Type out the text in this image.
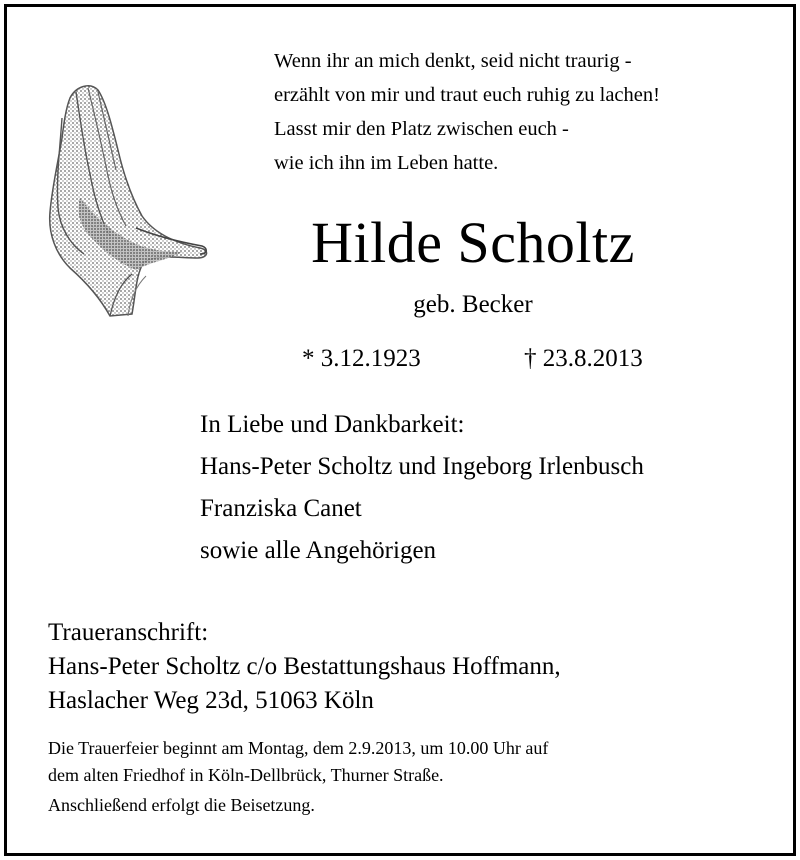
Wenn ihr an mich denkt, seid nicht traurig -
erzählt von mir und traut euch ruhig zu lachen!
Lasst mir den Platz zwischen euch -
wie ich ihn im Leben hatte.
Hilde Scholtz
geb. Becker
* 3.12.1923	† 23.8.2013
In Liebe und Dankbarkeit:
Hans-Peter Scholtz und Ingeborg Irlenbusch
Franziska Canet
sowie alle Angehörigen
Traueranschrift:
Hans-Peter Scholtz c/o Bestattungshaus Hoffmann,
Haslacher Weg 23d, 51063 Köln
Die Trauerfeier beginnt am Montag, dem 2.9.2013, um 10.00 Uhr auf
dem alten Friedhof in Köln-Dellbrück, Thurner Straße.
Anschließend erfolgt die Beisetzung.
